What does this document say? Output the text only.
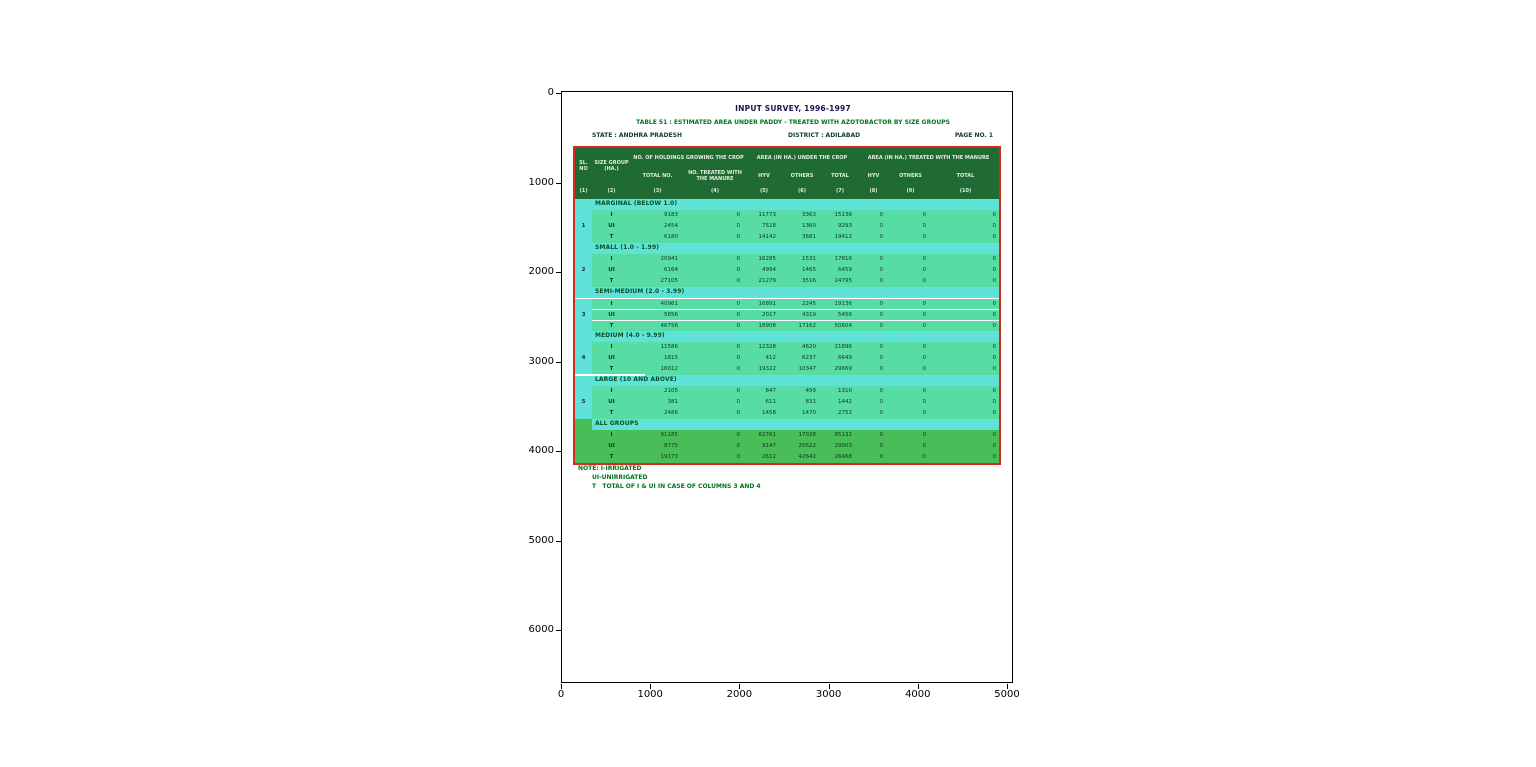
0
1000
2000
3000
4000
5000
6000
0	1000	2000	3000	4000	5000
INPUT SURVEY, 1996-1997
TABLE 51 : ESTIMATED AREA UNDER PADDY - TREATED WITH AZOTOBACTOR BY SIZE GROUPS
STATE : ANDHRA PRADESH	DISTRICT : ADILABAD	PAGE NO. 1
SL. NO
SIZE GROUP (HA.)
NO. OF HOLDINGS GROWING THE CROP	AREA (IN HA.) UNDER THE CROP	AREA (IN HA.) TREATED WITH THE MANURE
TOTAL NO.
NO. TREATED WITH THE MANURE
HYV	OTHERS	TOTAL	HYV	OTHERS	TOTAL
(1)	(2)	(3)	(4)	(5)	(6)	(7)	(8)	(9)	(10)
MARGINAL (BELOW 1.0)
I	9183	0	11773	3363	15136	0	0	0
1	UI	2454	0	7528	1360	9293	0	0	0
T	6180	0	14142	3681	19412	0	0	0
SMALL (1.0 - 1.99)
I	20941	0	16285	1531	17816	0	0	0
2	UI	6164	0	4994	1465	6459	0	0	0
T	27105	0	21279	3516	24795	0	0	0
SEMI-MEDIUM (2.0 - 3.99)
I	40961	0	16891	2245	19136	0	0	0
3	UI	5856	0	2017	4319	5456	0	0	0
T	46756	0	18908	17162	50604	0	0	0
MEDIUM (4.0 - 9.99)
I	11586	0	12328	4620	21896	0	0	0
4	UI	1815	0	412	6237	6649	0	0	0
T	16012	0	19322	10347	29669	0	0	0
LARGE (10 AND ABOVE)
I	2105	0	847	459	1310	0	0	0
5	UI	381	0	611	831	1442	0	0	0
T	2486	0	1458	1470	2752	0	0	0
ALL GROUPS
I	91185	0	62761	17028	85131	0	0	0
UI	8775	0	9147	25622	29003	0	0	0
T	19173	0	2612	42642	26468	0	0	0
NOTE: I-IRRIGATED
UI-UNIRRIGATED
T   TOTAL OF I & UI IN CASE OF COLUMNS 3 AND 4
